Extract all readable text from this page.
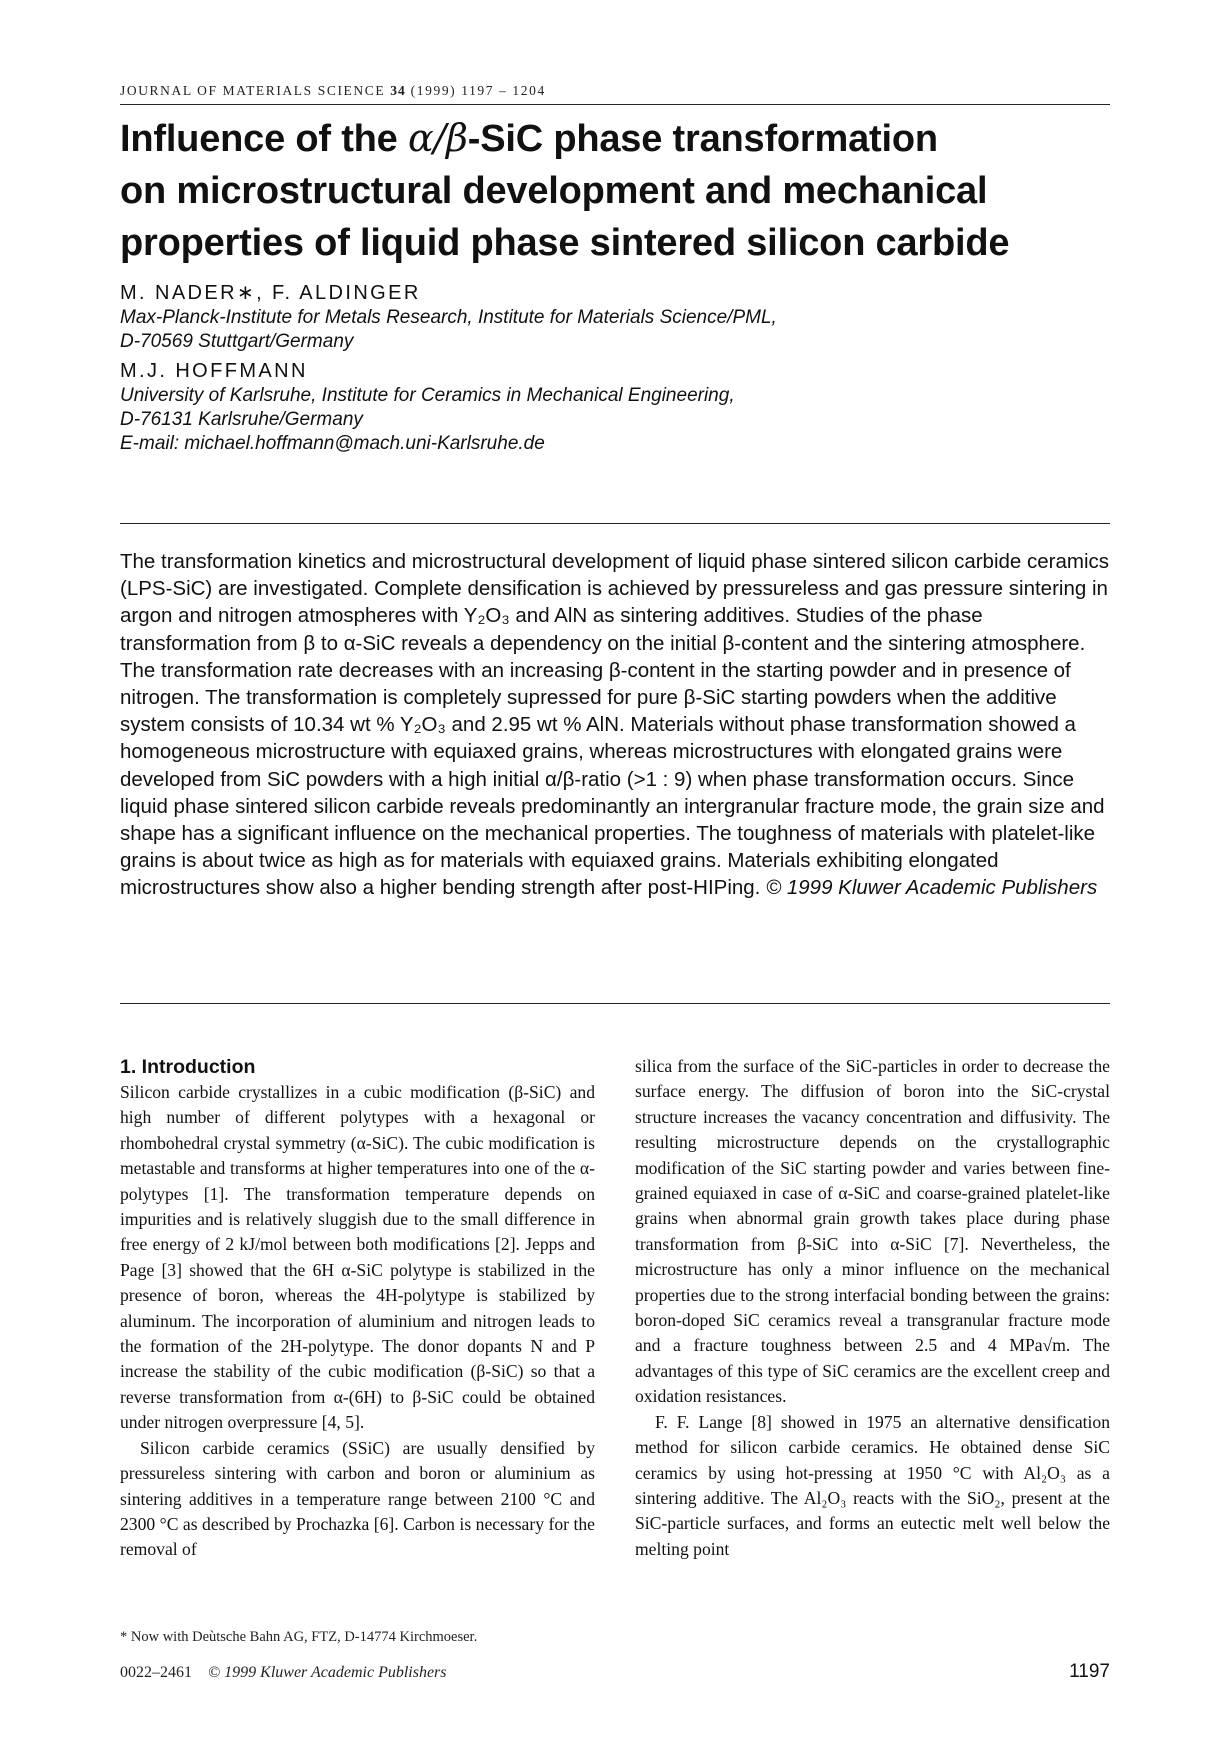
JOURNAL OF MATERIALS SCIENCE 34 (1999) 1197 – 1204
Influence of the α/β-SiC phase transformation
on microstructural development and mechanical
properties of liquid phase sintered silicon carbide
M. NADER∗, F. ALDINGER
Max-Planck-Institute for Metals Research, Institute for Materials Science/PML,
D-70569 Stuttgart/Germany
M.J. HOFFMANN
University of Karlsruhe, Institute for Ceramics in Mechanical Engineering,
D-76131 Karlsruhe/Germany
E-mail: michael.hoffmann@mach.uni-Karlsruhe.de
The transformation kinetics and microstructural development of liquid phase sintered silicon carbide ceramics (LPS-SiC) are investigated. Complete densification is achieved by pressureless and gas pressure sintering in argon and nitrogen atmospheres with Y₂O₃ and AlN as sintering additives. Studies of the phase transformation from β to α-SiC reveals a dependency on the initial β-content and the sintering atmosphere. The transformation rate decreases with an increasing β-content in the starting powder and in presence of nitrogen. The transformation is completely supressed for pure β-SiC starting powders when the additive system consists of 10.34 wt % Y₂O₃ and 2.95 wt % AlN. Materials without phase transformation showed a homogeneous microstructure with equiaxed grains, whereas microstructures with elongated grains were developed from SiC powders with a high initial α/β-ratio (>1 : 9) when phase transformation occurs. Since liquid phase sintered silicon carbide reveals predominantly an intergranular fracture mode, the grain size and shape has a significant influence on the mechanical properties. The toughness of materials with platelet-like grains is about twice as high as for materials with equiaxed grains. Materials exhibiting elongated microstructures show also a higher bending strength after post-HIPing. © 1999 Kluwer Academic Publishers
1. Introduction

Silicon carbide crystallizes in a cubic modification (β-SiC) and high number of different polytypes with a hexagonal or rhombohedral crystal symmetry (α-SiC). The cubic modification is metastable and transforms at higher temperatures into one of the α-polytypes [1]. The transformation temperature depends on impurities and is relatively sluggish due to the small difference in free energy of 2 kJ/mol between both modifications [2]. Jepps and Page [3] showed that the 6H α-SiC polytype is stabilized in the presence of boron, whereas the 4H-polytype is stabilized by aluminum. The incorporation of aluminium and nitrogen leads to the formation of the 2H-polytype. The donor dopants N and P increase the stability of the cubic modification (β-SiC) so that a reverse transformation from α-(6H) to β-SiC could be obtained under nitrogen overpressure [4, 5].

Silicon carbide ceramics (SSiC) are usually densified by pressureless sintering with carbon and boron or aluminium as sintering additives in a temperature range between 2100 °C and 2300 °C as described by Prochazka [6]. Carbon is necessary for the removal of

silica from the surface of the SiC-particles in order to decrease the surface energy. The diffusion of boron into the SiC-crystal structure increases the vacancy concentration and diffusivity. The resulting microstructure depends on the crystallographic modification of the SiC starting powder and varies between fine-grained equiaxed in case of α-SiC and coarse-grained platelet-like grains when abnormal grain growth takes place during phase transformation from β-SiC into α-SiC [7]. Nevertheless, the microstructure has only a minor influence on the mechanical properties due to the strong interfacial bonding between the grains: boron-doped SiC ceramics reveal a transgranular fracture mode and a fracture toughness between 2.5 and 4 MPa√m. The advantages of this type of SiC ceramics are the excellent creep and oxidation resistances.

F. F. Lange [8] showed in 1975 an alternative densification method for silicon carbide ceramics. He obtained dense SiC ceramics by using hot-pressing at 1950 °C with Al₂O₃ as a sintering additive. The Al₂O₃ reacts with the SiO₂, present at the SiC-particle surfaces, and forms an eutectic melt well below the melting point

* Now with Deùtsche Bahn AG, FTZ, D-14774 Kirchmoeser.
0022–2461 © 1999 Kluwer Academic Publishers	1197
